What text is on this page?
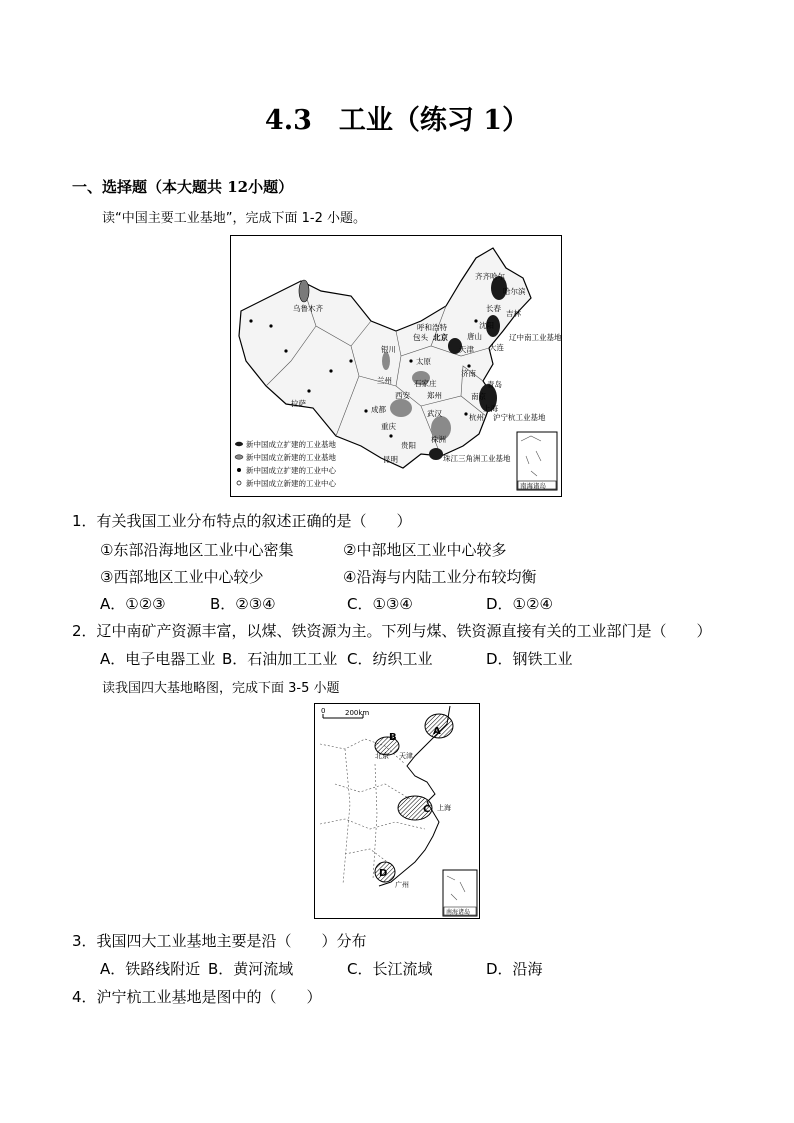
4.3　工业（练习 1）
一、选择题（本大题共 12小题）
读“中国主要工业基地”，完成下面 1-2 小题。
齐齐哈尔
哈尔滨
长春
吉林
乌鲁木齐
沈阳
辽中南工业基地
呼和浩特
包头 北京	唐山
大连
天津
银川
兰州
太原
石家庄
郑州
济南
西安
青岛
南京
上海
成都	武汉	杭州 沪宁杭工业基地
拉萨
重庆
株洲
贵阳
昆明	珠江三角洲工业基地
新中国成立扩建的工业基地
新中国成立新建的工业基地
新中国成立扩建的工业中心
新中国成立新建的工业中心	南海诸岛
1．有关我国工业分布特点的叙述正确的是（　　）
①东部沿海地区工业中心密集	②中部地区工业中心较多
③西部地区工业中心较少	④沿海与内陆工业分布较均衡
A．①②③	B．②③④	C．①③④	D．①②④
2．辽中南矿产资源丰富，以煤、铁资源为主。下列与煤、铁资源直接有关的工业部门是（　　）
A．电子电器工业 B．石油加工工业 C．纺织工业	D．钢铁工业
读我国四大基地略图，完成下面 3-5 小题
0	200km
A
B
C
D
北京 天津
上海
广州
南海诸岛
3．我国四大工业基地主要是沿（　　）分布
A．铁路线附近 B．黄河流域	C．长江流域	D．沿海
4．沪宁杭工业基地是图中的（　　）
